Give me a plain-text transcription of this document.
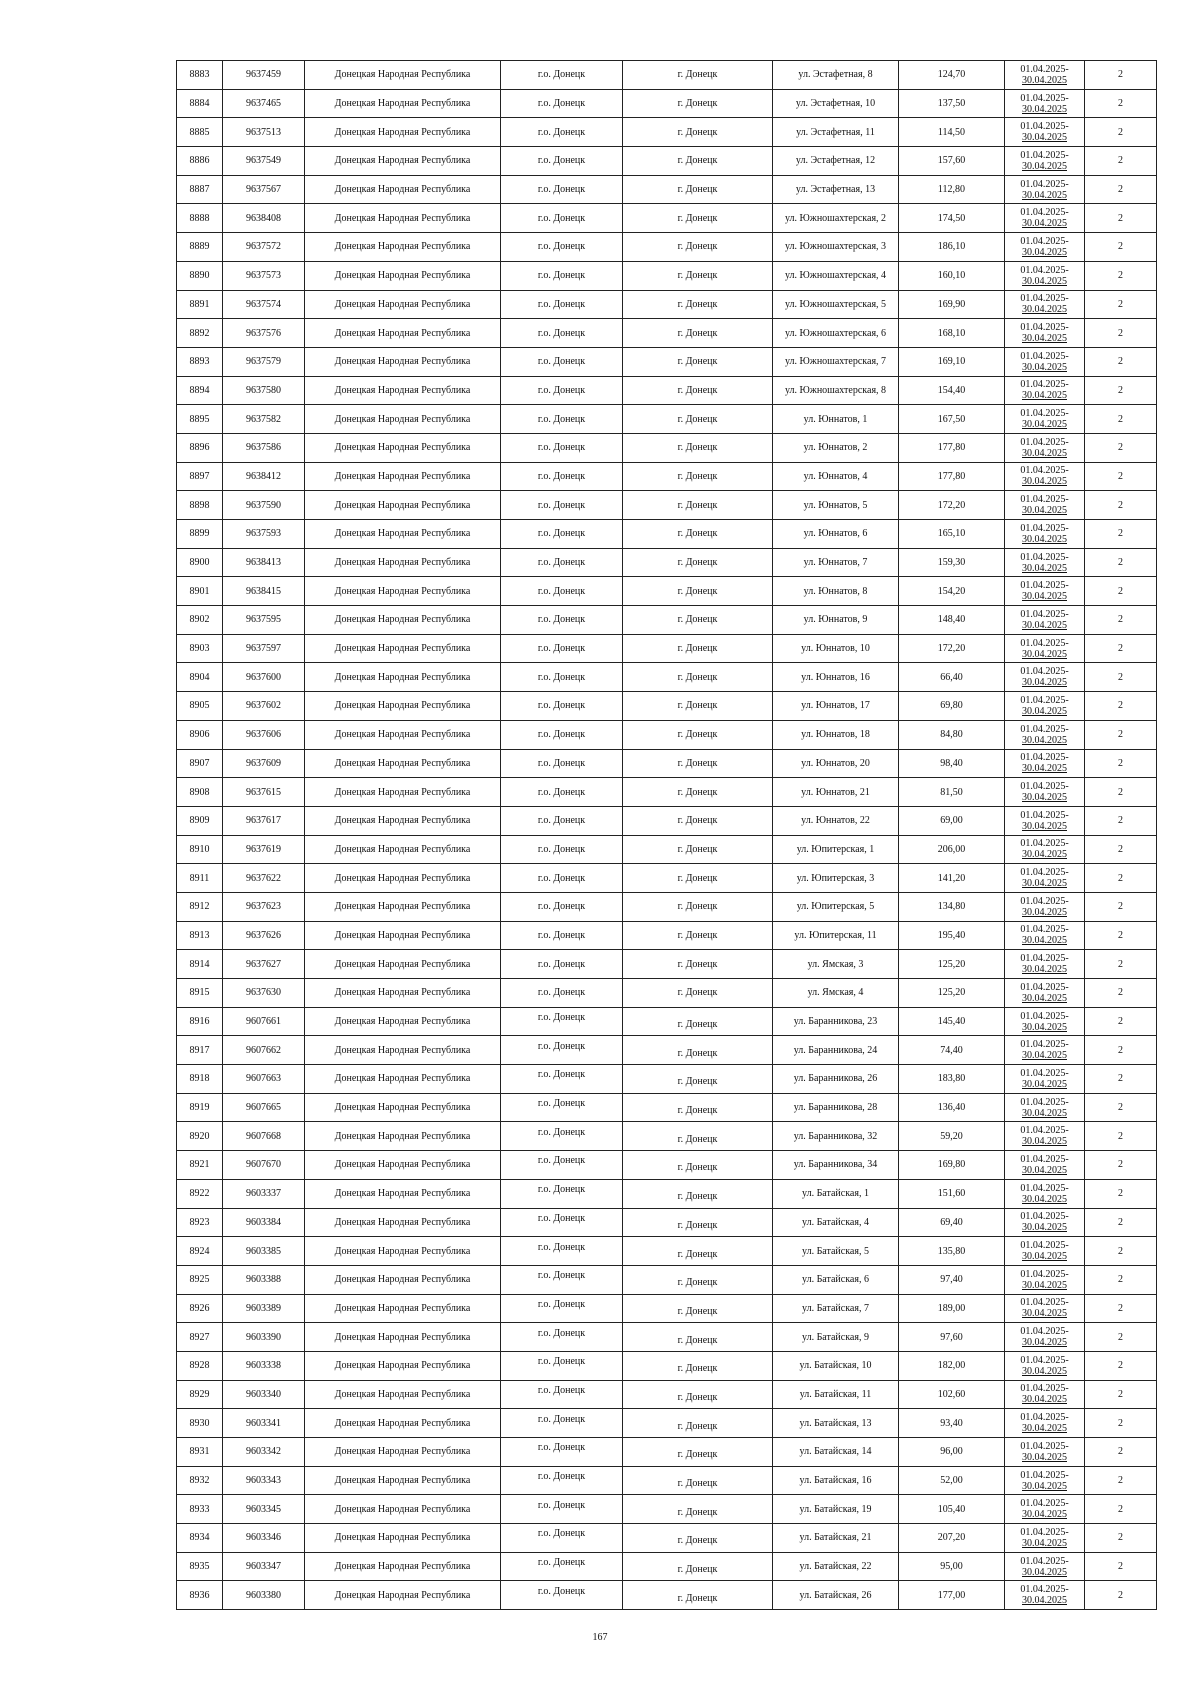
8883	9637459	Донецкая Народная Республика	г.о. Донецк	г. Донецк	ул. Эстафетная, 8	124,70	01.04.2025-
30.04.2025	2
8884	9637465	Донецкая Народная Республика	г.о. Донецк	г. Донецк	ул. Эстафетная, 10	137,50	01.04.2025-
30.04.2025	2
8885	9637513	Донецкая Народная Республика	г.о. Донецк	г. Донецк	ул. Эстафетная, 11	114,50	01.04.2025-
30.04.2025	2
8886	9637549	Донецкая Народная Республика	г.о. Донецк	г. Донецк	ул. Эстафетная, 12	157,60	01.04.2025-
30.04.2025	2
8887	9637567	Донецкая Народная Республика	г.о. Донецк	г. Донецк	ул. Эстафетная, 13	112,80	01.04.2025-
30.04.2025	2
8888	9638408	Донецкая Народная Республика	г.о. Донецк	г. Донецк	ул. Южношахтерская, 2	174,50	01.04.2025-
30.04.2025	2
8889	9637572	Донецкая Народная Республика	г.о. Донецк	г. Донецк	ул. Южношахтерская, 3	186,10	01.04.2025-
30.04.2025	2
8890	9637573	Донецкая Народная Республика	г.о. Донецк	г. Донецк	ул. Южношахтерская, 4	160,10	01.04.2025-
30.04.2025	2
8891	9637574	Донецкая Народная Республика	г.о. Донецк	г. Донецк	ул. Южношахтерская, 5	169,90	01.04.2025-
30.04.2025	2
8892	9637576	Донецкая Народная Республика	г.о. Донецк	г. Донецк	ул. Южношахтерская, 6	168,10	01.04.2025-
30.04.2025	2
8893	9637579	Донецкая Народная Республика	г.о. Донецк	г. Донецк	ул. Южношахтерская, 7	169,10	01.04.2025-
30.04.2025	2
8894	9637580	Донецкая Народная Республика	г.о. Донецк	г. Донецк	ул. Южношахтерская, 8	154,40	01.04.2025-
30.04.2025	2
8895	9637582	Донецкая Народная Республика	г.о. Донецк	г. Донецк	ул. Юннатов, 1	167,50	01.04.2025-
30.04.2025	2
8896	9637586	Донецкая Народная Республика	г.о. Донецк	г. Донецк	ул. Юннатов, 2	177,80	01.04.2025-
30.04.2025	2
8897	9638412	Донецкая Народная Республика	г.о. Донецк	г. Донецк	ул. Юннатов, 4	177,80	01.04.2025-
30.04.2025	2
8898	9637590	Донецкая Народная Республика	г.о. Донецк	г. Донецк	ул. Юннатов, 5	172,20	01.04.2025-
30.04.2025	2
8899	9637593	Донецкая Народная Республика	г.о. Донецк	г. Донецк	ул. Юннатов, 6	165,10	01.04.2025-
30.04.2025	2
8900	9638413	Донецкая Народная Республика	г.о. Донецк	г. Донецк	ул. Юннатов, 7	159,30	01.04.2025-
30.04.2025	2
8901	9638415	Донецкая Народная Республика	г.о. Донецк	г. Донецк	ул. Юннатов, 8	154,20	01.04.2025-
30.04.2025	2
8902	9637595	Донецкая Народная Республика	г.о. Донецк	г. Донецк	ул. Юннатов, 9	148,40	01.04.2025-
30.04.2025	2
8903	9637597	Донецкая Народная Республика	г.о. Донецк	г. Донецк	ул. Юннатов, 10	172,20	01.04.2025-
30.04.2025	2
8904	9637600	Донецкая Народная Республика	г.о. Донецк	г. Донецк	ул. Юннатов, 16	66,40	01.04.2025-
30.04.2025	2
8905	9637602	Донецкая Народная Республика	г.о. Донецк	г. Донецк	ул. Юннатов, 17	69,80	01.04.2025-
30.04.2025	2
8906	9637606	Донецкая Народная Республика	г.о. Донецк	г. Донецк	ул. Юннатов, 18	84,80	01.04.2025-
30.04.2025	2
8907	9637609	Донецкая Народная Республика	г.о. Донецк	г. Донецк	ул. Юннатов, 20	98,40	01.04.2025-
30.04.2025	2
8908	9637615	Донецкая Народная Республика	г.о. Донецк	г. Донецк	ул. Юннатов, 21	81,50	01.04.2025-
30.04.2025	2
8909	9637617	Донецкая Народная Республика	г.о. Донецк	г. Донецк	ул. Юннатов, 22	69,00	01.04.2025-
30.04.2025	2
8910	9637619	Донецкая Народная Республика	г.о. Донецк	г. Донецк	ул. Юпитерская, 1	206,00	01.04.2025-
30.04.2025	2
8911	9637622	Донецкая Народная Республика	г.о. Донецк	г. Донецк	ул. Юпитерская, 3	141,20	01.04.2025-
30.04.2025	2
8912	9637623	Донецкая Народная Республика	г.о. Донецк	г. Донецк	ул. Юпитерская, 5	134,80	01.04.2025-
30.04.2025	2
8913	9637626	Донецкая Народная Республика	г.о. Донецк	г. Донецк	ул. Юпитерская, 11	195,40	01.04.2025-
30.04.2025	2
8914	9637627	Донецкая Народная Республика	г.о. Донецк	г. Донецк	ул. Ямская, 3	125,20	01.04.2025-
30.04.2025	2
8915	9637630	Донецкая Народная Республика	г.о. Донецк	г. Донецк	ул. Ямская, 4	125,20	01.04.2025-
30.04.2025	2
8916	9607661	Донецкая Народная Республика	г.о. Донецк	г. Донецк	ул. Баранникова, 23	145,40	01.04.2025-
30.04.2025	2
8917	9607662	Донецкая Народная Республика	г.о. Донецк	г. Донецк	ул. Баранникова, 24	74,40	01.04.2025-
30.04.2025	2
8918	9607663	Донецкая Народная Республика	г.о. Донецк	г. Донецк	ул. Баранникова, 26	183,80	01.04.2025-
30.04.2025	2
8919	9607665	Донецкая Народная Республика	г.о. Донецк	г. Донецк	ул. Баранникова, 28	136,40	01.04.2025-
30.04.2025	2
8920	9607668	Донецкая Народная Республика	г.о. Донецк	г. Донецк	ул. Баранникова, 32	59,20	01.04.2025-
30.04.2025	2
8921	9607670	Донецкая Народная Республика	г.о. Донецк	г. Донецк	ул. Баранникова, 34	169,80	01.04.2025-
30.04.2025	2
8922	9603337	Донецкая Народная Республика	г.о. Донецк	г. Донецк	ул. Батайская, 1	151,60	01.04.2025-
30.04.2025	2
8923	9603384	Донецкая Народная Республика	г.о. Донецк	г. Донецк	ул. Батайская, 4	69,40	01.04.2025-
30.04.2025	2
8924	9603385	Донецкая Народная Республика	г.о. Донецк	г. Донецк	ул. Батайская, 5	135,80	01.04.2025-
30.04.2025	2
8925	9603388	Донецкая Народная Республика	г.о. Донецк	г. Донецк	ул. Батайская, 6	97,40	01.04.2025-
30.04.2025	2
8926	9603389	Донецкая Народная Республика	г.о. Донецк	г. Донецк	ул. Батайская, 7	189,00	01.04.2025-
30.04.2025	2
8927	9603390	Донецкая Народная Республика	г.о. Донецк	г. Донецк	ул. Батайская, 9	97,60	01.04.2025-
30.04.2025	2
8928	9603338	Донецкая Народная Республика	г.о. Донецк	г. Донецк	ул. Батайская, 10	182,00	01.04.2025-
30.04.2025	2
8929	9603340	Донецкая Народная Республика	г.о. Донецк	г. Донецк	ул. Батайская, 11	102,60	01.04.2025-
30.04.2025	2
8930	9603341	Донецкая Народная Республика	г.о. Донецк	г. Донецк	ул. Батайская, 13	93,40	01.04.2025-
30.04.2025	2
8931	9603342	Донецкая Народная Республика	г.о. Донецк	г. Донецк	ул. Батайская, 14	96,00	01.04.2025-
30.04.2025	2
8932	9603343	Донецкая Народная Республика	г.о. Донецк	г. Донецк	ул. Батайская, 16	52,00	01.04.2025-
30.04.2025	2
8933	9603345	Донецкая Народная Республика	г.о. Донецк	г. Донецк	ул. Батайская, 19	105,40	01.04.2025-
30.04.2025	2
8934	9603346	Донецкая Народная Республика	г.о. Донецк	г. Донецк	ул. Батайская, 21	207,20	01.04.2025-
30.04.2025	2
8935	9603347	Донецкая Народная Республика	г.о. Донецк	г. Донецк	ул. Батайская, 22	95,00	01.04.2025-
30.04.2025	2
8936	9603380	Донецкая Народная Республика	г.о. Донецк	г. Донецк	ул. Батайская, 26	177,00	01.04.2025-
30.04.2025	2
167
